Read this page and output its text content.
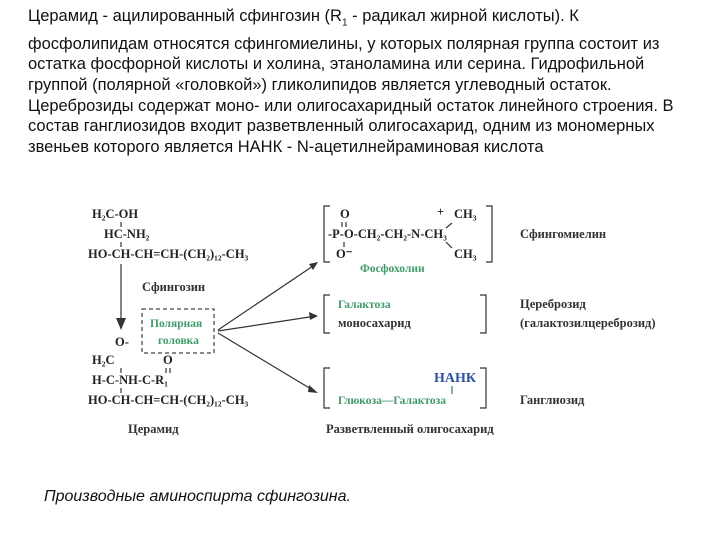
Церамид - ацилированный сфингозин ($R_1$ - радикал жирной кислоты). К фосфолипидам относятся сфингомиелины, у которых полярная группа состоит из остатка фосфорной кислоты и холина, этаноламина или серина. Гидрофильной группой (полярной «головкой») гликолипидов является углеводный остаток. Цереброзиды содержат моно- или олигосахаридный остаток линейного строения. В состав ганглиозидов входит разветвленный олигосахарид, одним из мономерных звеньев которого является НАНК - N-ацетилнейраминовая кислота
H₂C-OH
HC-NH₂
HO-CH-CH=CH-(CH₂)₁₂-CH₃
Сфингозин
Полярная
головка
O-
H₂C	O
H-C-NH-C-R₁
HO-CH-CH=CH-(CH₂)₁₂-CH₃
Церамид
O	+ CH₃
-P-O-CH₂-CH₂-N-CH₃
O⁻	CH₃
Фосфохолин
Сфингомиелин
Галактоза
моносахарид
Цереброзид
(галактозилцереброзид)
НАНК
Глюкоза—Галактоза
Разветвленный олигосахарид
Ганглиозид
Производные аминоспирта сфингозина.
